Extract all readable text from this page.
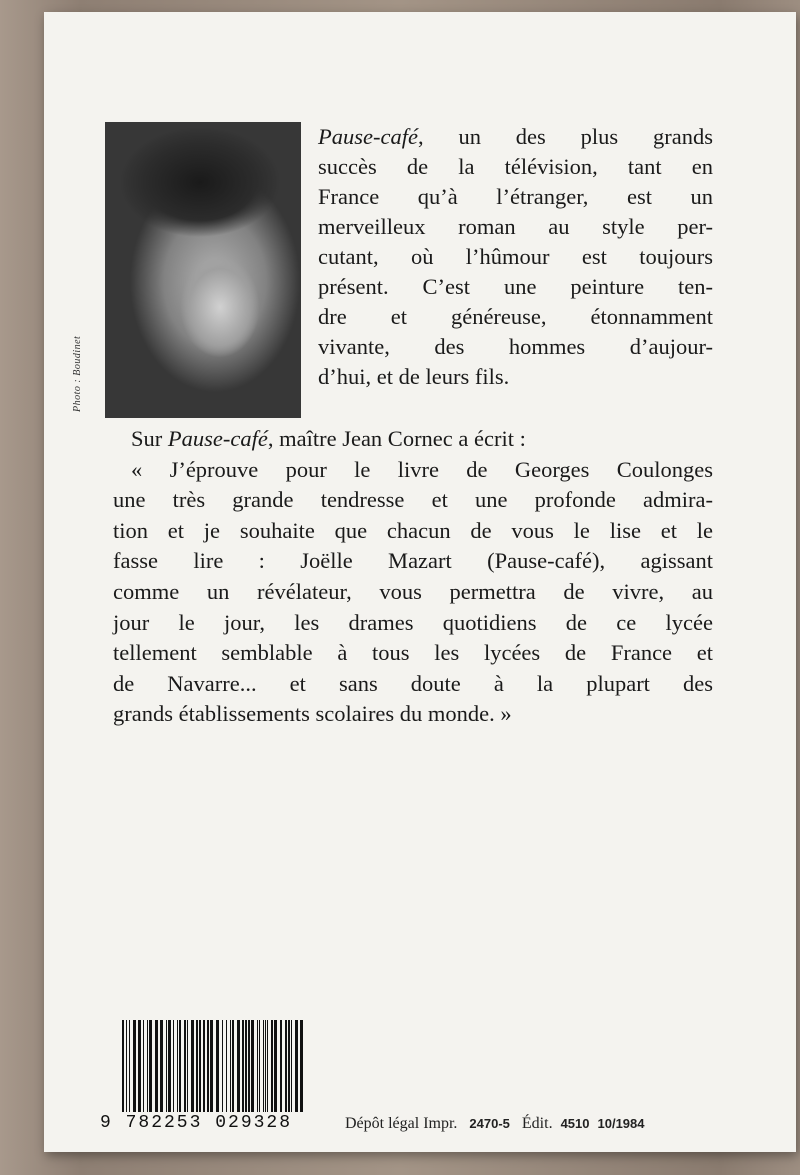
Photo : Boudinet

Pause-café, un des plus grands
succès de la télévision, tant en
France qu’à l’étranger, est un
merveilleux roman au style per-
cutant, où l’hûmour est toujours
présent. C’est une peinture ten-
dre et généreuse, étonnamment
vivante, des hommes d’aujour-
d’hui, et de leurs fils.

Sur Pause-café, maître Jean Cornec a écrit :
« J’éprouve pour le livre de Georges Coulonges
une très grande tendresse et une profonde admira-
tion et je souhaite que chacun de vous le lise et le
fasse lire : Joëlle Mazart (Pause-café), agissant
comme un révélateur, vous permettra de vivre, au
jour le jour, les drames quotidiens de ce lycée
tellement semblable à tous les lycées de France et
de Navarre... et sans doute à la plupart des
grands établissements scolaires du monde. »

9 782253 029328	Dépôt légal Impr. 2470-5 Édit. 4510 10/1984
